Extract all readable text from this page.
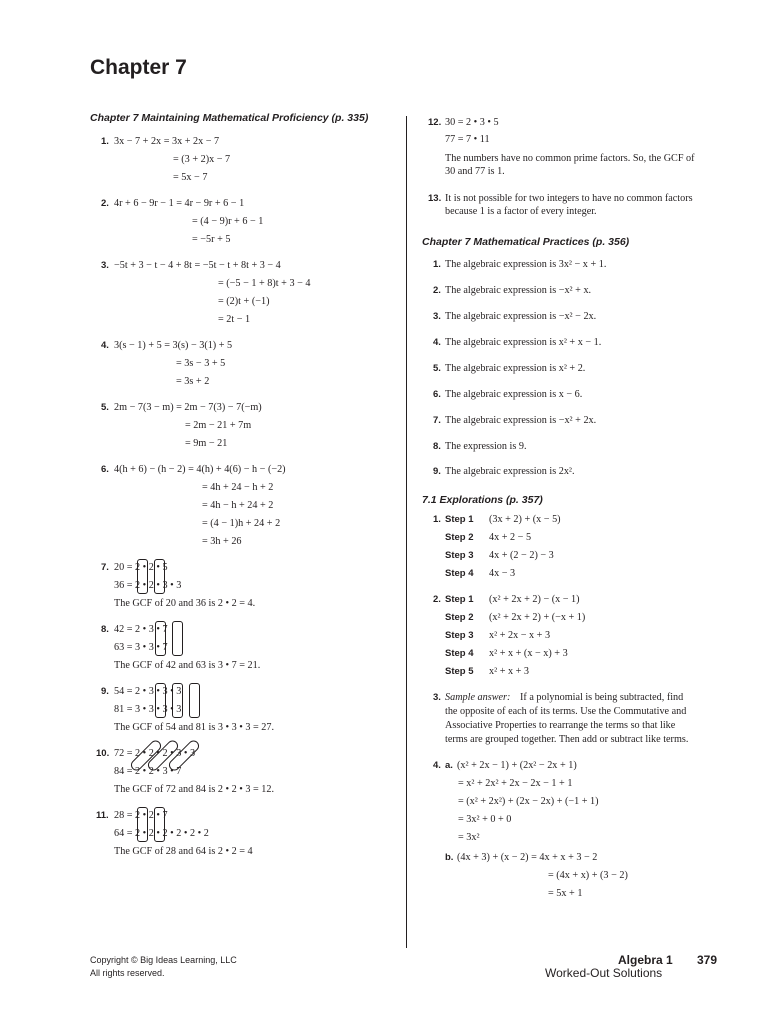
Chapter 7
Chapter 7 Maintaining Mathematical Proficiency (p. 335)
1. 3x − 7 + 2x = 3x + 2x − 7
= (3 + 2)x − 7
= 5x − 7
2. 4r + 6 − 9r − 1 = 4r − 9r + 6 − 1
= (4 − 9)r + 6 − 1
= −5r + 5
3. −5t + 3 − t − 4 + 8t = −5t − t + 8t + 3 − 4
= (−5 − 1 + 8)t + 3 − 4
= (2)t + (−1)
= 2t − 1
4. 3(s − 1) + 5 = 3(s) − 3(1) + 5
= 3s − 3 + 5
= 3s + 2
5. 2m − 7(3 − m) = 2m − 7(3) − 7(−m)
= 2m − 21 + 7m
= 9m − 21
6. 4(h + 6) − (h − 2) = 4(h) + 4(6) − h − (−2)
= 4h + 24 − h + 2
= 4h − h + 24 + 2
= (4 − 1)h + 24 + 2
= 3h + 26
7. 20 = 2 • 2 • 5
36 = 2 • 2 • 3 • 3
The GCF of 20 and 36 is 2 • 2 = 4.
8. 42 = 2 • 3 • 7
63 = 3 • 3 • 7
The GCF of 42 and 63 is 3 • 7 = 21.
9. 54 = 2 • 3 • 3 • 3
81 = 3 • 3 • 3 • 3
The GCF of 54 and 81 is 3 • 3 • 3 = 27.
10. 72 = 2 • 2 • 2 • 3 • 3
84 = 2 • 2 • 3 • 7
The GCF of 72 and 84 is 2 • 2 • 3 = 12.
11. 28 = 2 • 2 • 7
64 = 2 • 2 • 2 • 2 • 2 • 2
The GCF of 28 and 64 is 2 • 2 = 4
12. 30 = 2 • 3 • 5
77 = 7 • 11
The numbers have no common prime factors. So, the GCF of
30 and 77 is 1.
13. It is not possible for two integers to have no common factors
because 1 is a factor of every integer.
Chapter 7 Mathematical Practices (p. 356)
1. The algebraic expression is 3x² − x + 1.
2. The algebraic expression is −x² + x.
3. The algebraic expression is −x² − 2x.
4. The algebraic expression is x² + x − 1.
5. The algebraic expression is x² + 2.
6. The algebraic expression is x − 6.
7. The algebraic expression is −x² + 2x.
8. The expression is 9.
9. The algebraic expression is 2x².
7.1 Explorations (p. 357)
1. Step 1 (3x + 2) + (x − 5)
Step 2 4x + 2 − 5
Step 3 4x + (2 − 2) − 3
Step 4 4x − 3
2. Step 1 (x² + 2x + 2) − (x − 1)
Step 2 (x² + 2x + 2) + (−x + 1)
Step 3 x² + 2x − x + 3
Step 4 x² + x + (x − x) + 3
Step 5 x² + x + 3
3. Sample answer: If a polynomial is being subtracted, find
the opposite of each of its terms. Use the Commutative and
Associative Properties to rearrange the terms so that like
terms are grouped together. Then add or subtract like terms.
4. a. (x² + 2x − 1) + (2x² − 2x + 1)
= x² + 2x² + 2x − 2x − 1 + 1
= (x² + 2x²) + (2x − 2x) + (−1 + 1)
= 3x² + 0 + 0
= 3x²
b. (4x + 3) + (x − 2) = 4x + x + 3 − 2
= (4x + x) + (3 − 2)
= 5x + 1
Copyright © Big Ideas Learning, LLC
All rights reserved.
Algebra 1 379
Worked-Out Solutions
